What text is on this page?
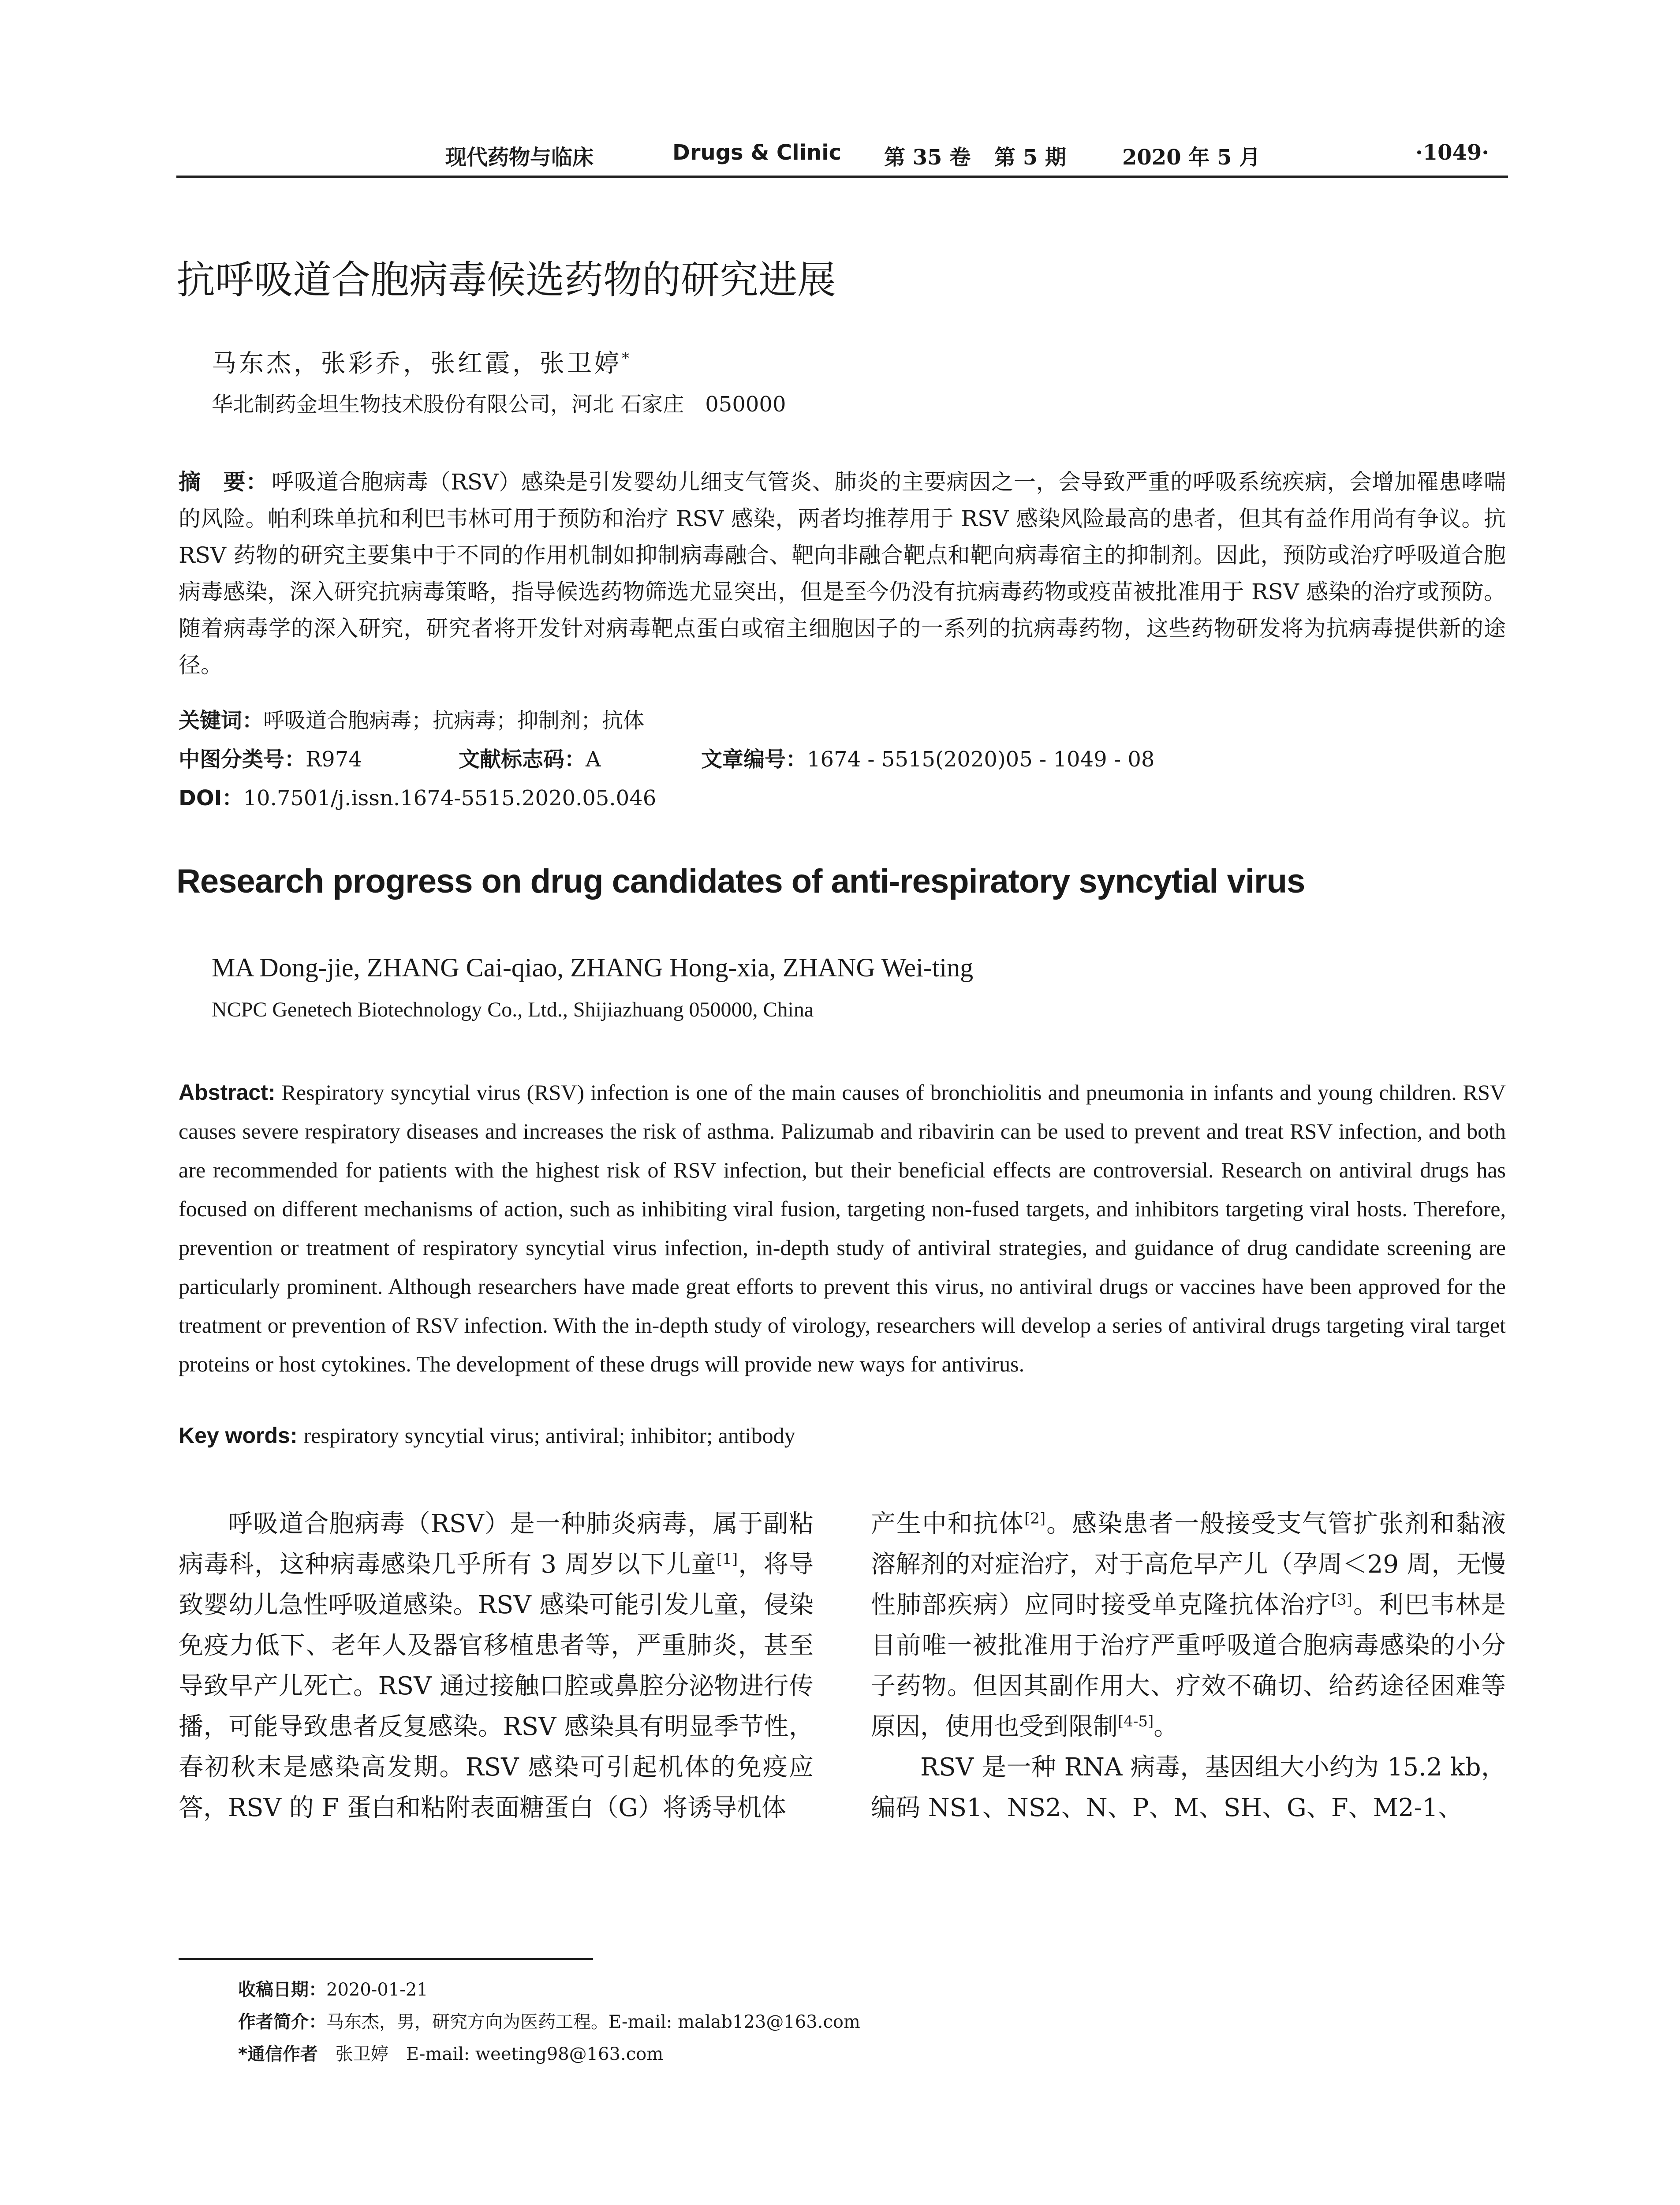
现代药物与临床	Drugs & Clinic 第 35 卷 第 5 期	2020 年 5 月	·1049·
抗呼吸道合胞病毒候选药物的研究进展
马东杰，张彩乔，张红霞，张卫婷*
华北制药金坦生物技术股份有限公司，河北 石家庄　050000
摘　要： 呼吸道合胞病毒（RSV）感染是引发婴幼儿细支气管炎、肺炎的主要病因之一，会导致严重的呼吸系统疾病，会增加罹患哮喘的风险。帕利珠单抗和利巴韦林可用于预防和治疗 RSV 感染，两者均推荐用于 RSV 感染风险最高的患者，但其有益作用尚有争议。抗 RSV 药物的研究主要集中于不同的作用机制如抑制病毒融合、靶向非融合靶点和靶向病毒宿主的抑制剂。因此，预防或治疗呼吸道合胞病毒感染，深入研究抗病毒策略，指导候选药物筛选尤显突出，但是至今仍没有抗病毒药物或疫苗被批准用于 RSV 感染的治疗或预防。随着病毒学的深入研究，研究者将开发针对病毒靶点蛋白或宿主细胞因子的一系列的抗病毒药物，这些药物研发将为抗病毒提供新的途径。
关键词：呼吸道合胞病毒；抗病毒；抑制剂；抗体
中图分类号：R974	文献标志码：A	文章编号：1674 - 5515(2020)05 - 1049 - 08
DOI：10.7501/j.issn.1674-5515.2020.05.046
Research progress on drug candidates of anti-respiratory syncytial virus
MA Dong-jie, ZHANG Cai-qiao, ZHANG Hong-xia, ZHANG Wei-ting
NCPC Genetech Biotechnology Co., Ltd., Shijiazhuang 050000, China
Abstract: Respiratory syncytial virus (RSV) infection is one of the main causes of bronchiolitis and pneumonia in infants and young children. RSV causes severe respiratory diseases and increases the risk of asthma. Palizumab and ribavirin can be used to prevent and treat RSV infection, and both are recommended for patients with the highest risk of RSV infection, but their beneficial effects are controversial. Research on antiviral drugs has focused on different mechanisms of action, such as inhibiting viral fusion, targeting non-fused targets, and inhibitors targeting viral hosts. Therefore, prevention or treatment of respiratory syncytial virus infection, in-depth study of antiviral strategies, and guidance of drug candidate screening are particularly prominent. Although researchers have made great efforts to prevent this virus, no antiviral drugs or vaccines have been approved for the treatment or prevention of RSV infection. With the in-depth study of virology, researchers will develop a series of antiviral drugs targeting viral target proteins or host cytokines. The development of these drugs will provide new ways for antivirus.
Key words: respiratory syncytial virus; antiviral; inhibitor; antibody

呼吸道合胞病毒（RSV）是一种肺炎病毒，属于副粘病毒科，这种病毒感染几乎所有 3 周岁以下儿童[1]，将导致婴幼儿急性呼吸道感染。RSV 感染可能引发儿童，侵染免疫力低下、老年人及器官移植患者等，严重肺炎，甚至导致早产儿死亡。RSV 通过接触口腔或鼻腔分泌物进行传播，可能导致患者反复感染。RSV 感染具有明显季节性，春初秋末是感染高发期。RSV 感染可引起机体的免疫应答，RSV 的 F 蛋白和粘附表面糖蛋白（G）将诱导机体

产生中和抗体[2]。感染患者一般接受支气管扩张剂和黏液溶解剂的对症治疗，对于高危早产儿（孕周＜29 周，无慢性肺部疾病）应同时接受单克隆抗体治疗[3]。利巴韦林是目前唯一被批准用于治疗严重呼吸道合胞病毒感染的小分子药物。但因其副作用大、疗效不确切、给药途径困难等原因，使用也受到限制[4-5]。

RSV 是一种 RNA 病毒，基因组大小约为 15.2 kb，编码 NS1、NS2、N、P、M、SH、G、F、M2-1、

收稿日期：2020-01-21
作者简介：马东杰，男，研究方向为医药工程。E-mail: malab123@163.com
*通信作者 张卫婷　E-mail: weeting98@163.com
